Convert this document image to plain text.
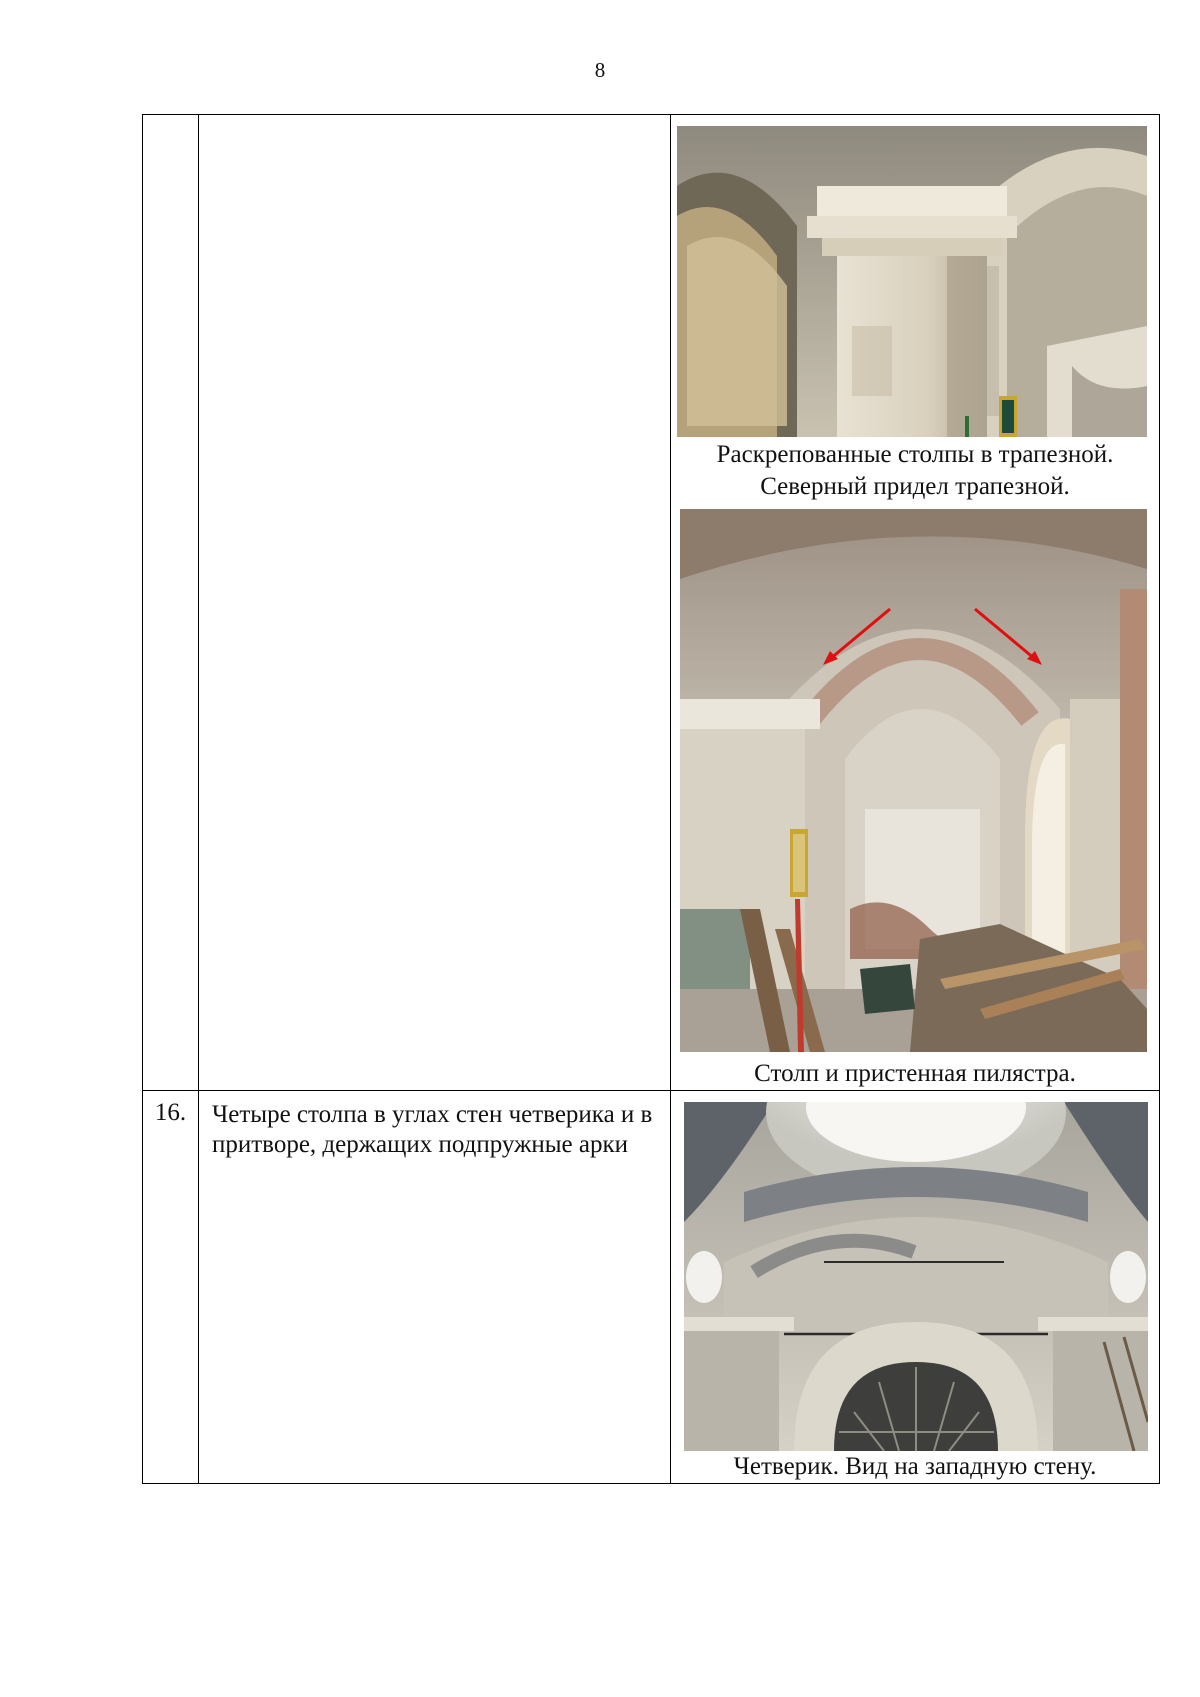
8

		Раскрепованные столпы в трапезной.
Северный придел трапезной.
Столп и пристенная пилястра.

16.	Четыре столпа в углах стен четверика и в притворе, держащих подпружные арки	Четверик. Вид на западную стену.
